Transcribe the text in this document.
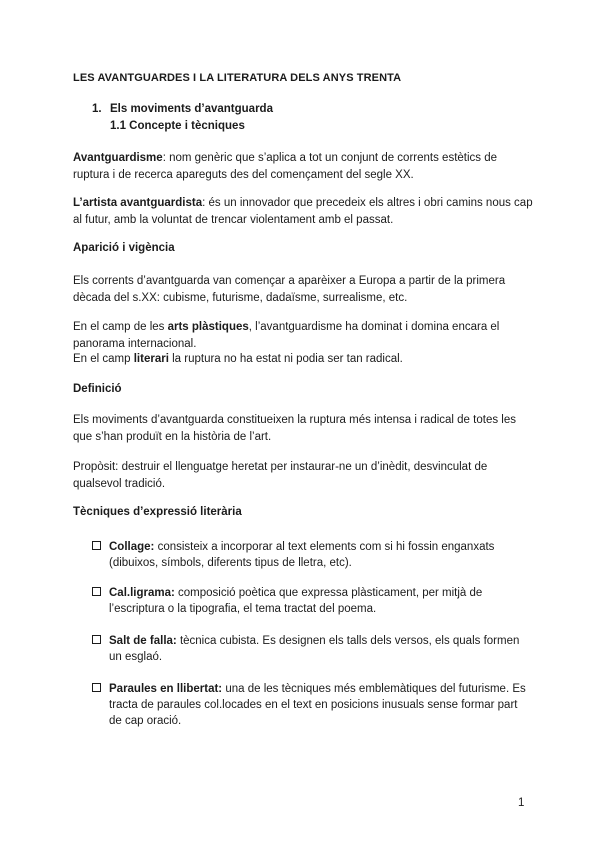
LES AVANTGUARDES I LA LITERATURA DELS ANYS TRENTA
1. Els moviments d’avantguarda
1.1 Concepte i tècniques
Avantguardisme: nom genèric que s’aplica a tot un conjunt de corrents estètics de ruptura i de recerca apareguts des del començament del segle XX.
L’artista avantguardista: és un innovador que precedeix els altres i obri camins nous cap al futur, amb la voluntat de trencar violentament amb el passat.
Aparició i vigència
Els corrents d’avantguarda van començar a aparèixer a Europa a partir de la primera dècada del s.XX: cubisme, futurisme, dadaïsme, surrealisme, etc.
En el camp de les arts plàstiques, l’avantguardisme ha dominat i domina encara el panorama internacional.
En el camp literari la ruptura no ha estat ni podia ser tan radical.
Definició
Els moviments d’avantguarda constitueixen la ruptura més intensa i radical de totes les que s’han produït en la història de l’art.
Propòsit: destruir el llenguatge heretat per instaurar-ne un d’inèdit, desvinculat de qualsevol tradició.
Tècniques d’expressió literària
Collage: consisteix a incorporar al text elements com si hi fossin enganxats (dibuixos, símbols, diferents tipus de lletra, etc).
Cal.ligrama: composició poètica que expressa plàsticament, per mitjà de l’escriptura o la tipografia, el tema tractat del poema.
Salt de falla: tècnica cubista. Es designen els talls dels versos, els quals formen un esglaó.
Paraules en llibertat: una de les tècniques més emblemàtiques del futurisme. Es tracta de paraules col.locades en el text en posicions inusuals sense formar part de cap oració.
1
